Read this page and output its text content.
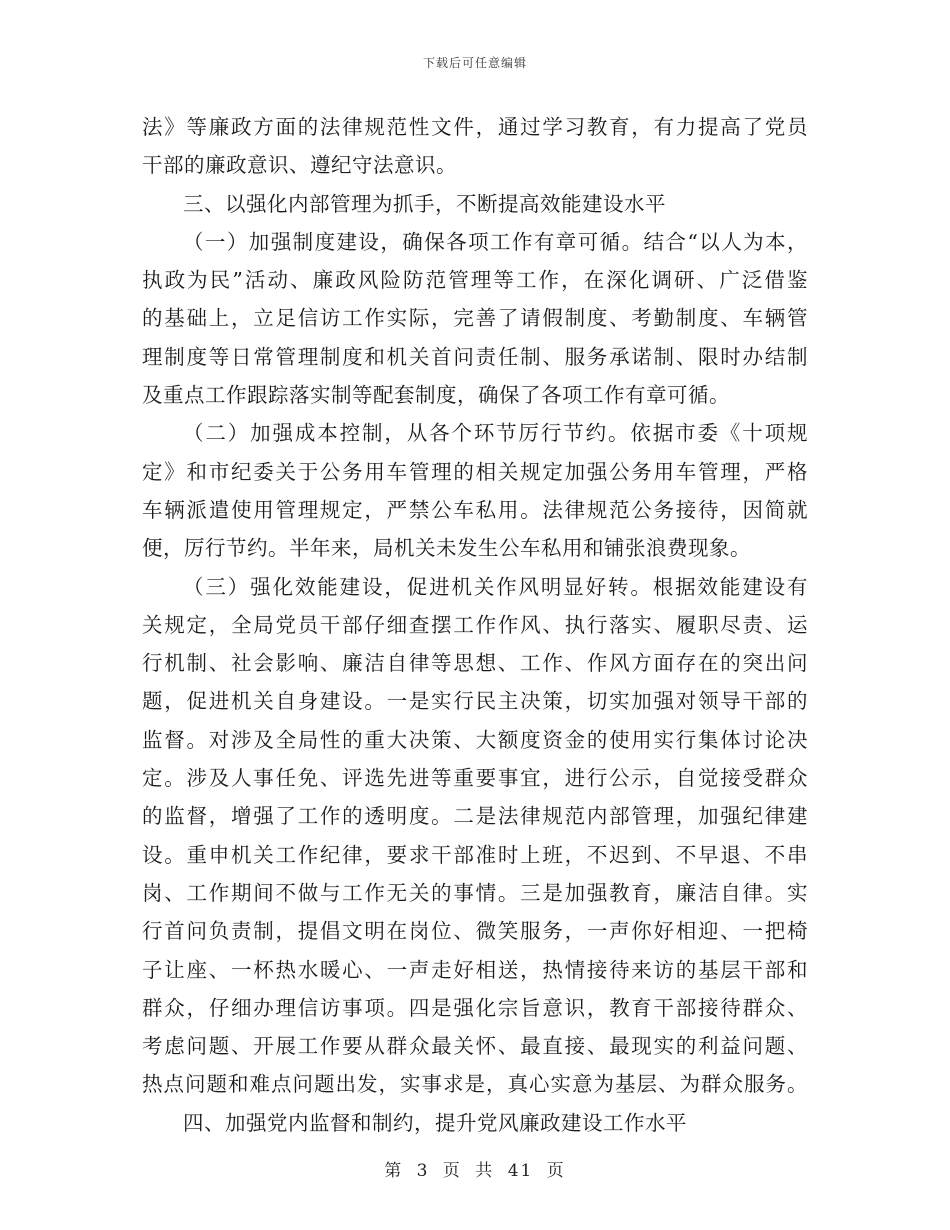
下载后可任意编辑
法》等廉政方面的法律规范性文件，通过学习教育，有力提高了党员
干部的廉政意识、遵纪守法意识。
三、以强化内部管理为抓手，不断提高效能建设水平
（一）加强制度建设，确保各项工作有章可循。结合“以人为本，
执政为民”活动、廉政风险防范管理等工作，在深化调研、广泛借鉴
的基础上，立足信访工作实际，完善了请假制度、考勤制度、车辆管
理制度等日常管理制度和机关首问责任制、服务承诺制、限时办结制
及重点工作跟踪落实制等配套制度，确保了各项工作有章可循。
（二）加强成本控制，从各个环节厉行节约。依据市委《十项规
定》和市纪委关于公务用车管理的相关规定加强公务用车管理，严格
车辆派遣使用管理规定，严禁公车私用。法律规范公务接待，因简就
便，厉行节约。半年来，局机关未发生公车私用和铺张浪费现象。
（三）强化效能建设，促进机关作风明显好转。根据效能建设有
关规定，全局党员干部仔细查摆工作作风、执行落实、履职尽责、运
行机制、社会影响、廉洁自律等思想、工作、作风方面存在的突出问
题，促进机关自身建设。一是实行民主决策，切实加强对领导干部的
监督。对涉及全局性的重大决策、大额度资金的使用实行集体讨论决
定。涉及人事任免、评选先进等重要事宜，进行公示，自觉接受群众
的监督，增强了工作的透明度。二是法律规范内部管理，加强纪律建
设。重申机关工作纪律，要求干部准时上班，不迟到、不早退、不串
岗、工作期间不做与工作无关的事情。三是加强教育，廉洁自律。实
行首问负责制，提倡文明在岗位、微笑服务，一声你好相迎、一把椅
子让座、一杯热水暖心、一声走好相送，热情接待来访的基层干部和
群众，仔细办理信访事项。四是强化宗旨意识，教育干部接待群众、
考虑问题、开展工作要从群众最关怀、最直接、最现实的利益问题、
热点问题和难点问题出发，实事求是，真心实意为基层、为群众服务。
四、加强党内监督和制约，提升党风廉政建设工作水平
第 3 页 共 41 页
